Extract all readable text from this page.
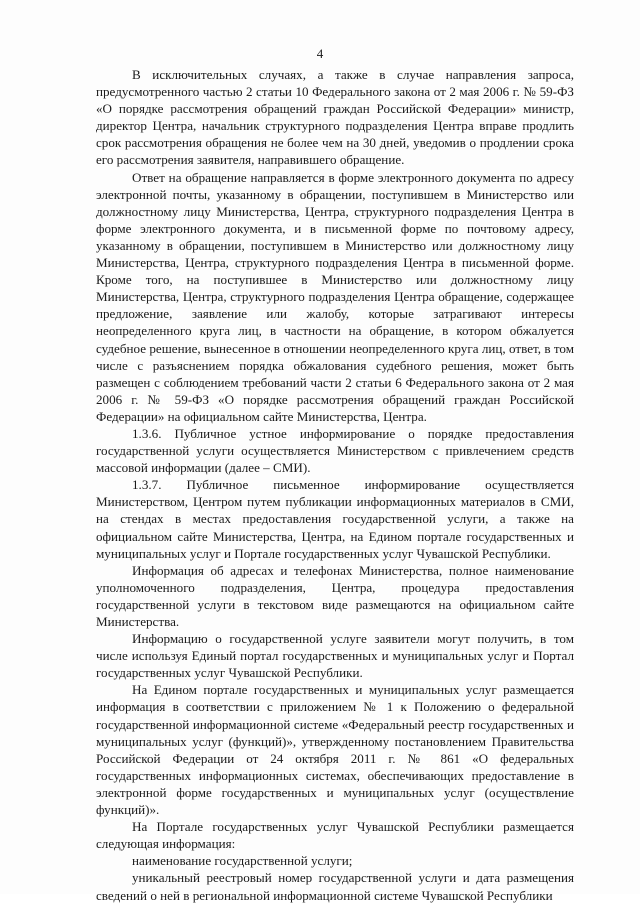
4

В исключительных случаях, а также в случае направления запроса, предусмотренного частью 2 статьи 10 Федерального закона от 2 мая 2006 г. № 59-ФЗ «О порядке рассмотрения обращений граждан Российской Федерации» министр, директор Центра, начальник структурного подразделения Центра вправе продлить срок рассмотрения обращения не более чем на 30 дней, уведомив о продлении срока его рассмотрения заявителя, направившего обращение.

Ответ на обращение направляется в форме электронного документа по адресу электронной почты, указанному в обращении, поступившем в Министерство или должностному лицу Министерства, Центра, структурного подразделения Центра в форме электронного документа, и в письменной форме по почтовому адресу, указанному в обращении, поступившем в Министерство или должностному лицу Министерства, Центра, структурного подразделения Центра в письменной форме. Кроме того, на поступившее в Министерство или должностному лицу Министерства, Центра, структурного подразделения Центра обращение, содержащее предложение, заявление или жалобу, которые затрагивают интересы неопределенного круга лиц, в частности на обращение, в котором обжалуется судебное решение, вынесенное в отношении неопределенного круга лиц, ответ, в том числе с разъяснением порядка обжалования судебного решения, может быть размещен с соблюдением требований части 2 статьи 6 Федерального закона от 2 мая 2006 г. № 59-ФЗ «О порядке рассмотрения обращений граждан Российской Федерации» на официальном сайте Министерства, Центра.

1.3.6. Публичное устное информирование о порядке предоставления государственной услуги осуществляется Министерством с привлечением средств массовой информации (далее – СМИ).

1.3.7. Публичное письменное информирование осуществляется Министерством, Центром путем публикации информационных материалов в СМИ, на стендах в местах предоставления государственной услуги, а также на официальном сайте Министерства, Центра, на Едином портале государственных и муниципальных услуг и Портале государственных услуг Чувашской Республики.

Информация об адресах и телефонах Министерства, полное наименование уполномоченного подразделения, Центра, процедура предоставления государственной услуги в текстовом виде размещаются на официальном сайте Министерства.

Информацию о государственной услуге заявители могут получить, в том числе используя Единый портал государственных и муниципальных услуг и Портал государственных услуг Чувашской Республики.

На Едином портале государственных и муниципальных услуг размещается информация в соответствии с приложением № 1 к Положению о федеральной государственной информационной системе «Федеральный реестр государственных и муниципальных услуг (функций)», утвержденному постановлением Правительства Российской Федерации от 24 октября 2011 г. № 861 «О федеральных государственных информационных системах, обеспечивающих предоставление в электронной форме государственных и муниципальных услуг (осуществление функций)».

На Портале государственных услуг Чувашской Республики размещается следующая информация:

наименование государственной услуги;

уникальный реестровый номер государственной услуги и дата размещения сведений о ней в региональной информационной системе Чувашской Республики
